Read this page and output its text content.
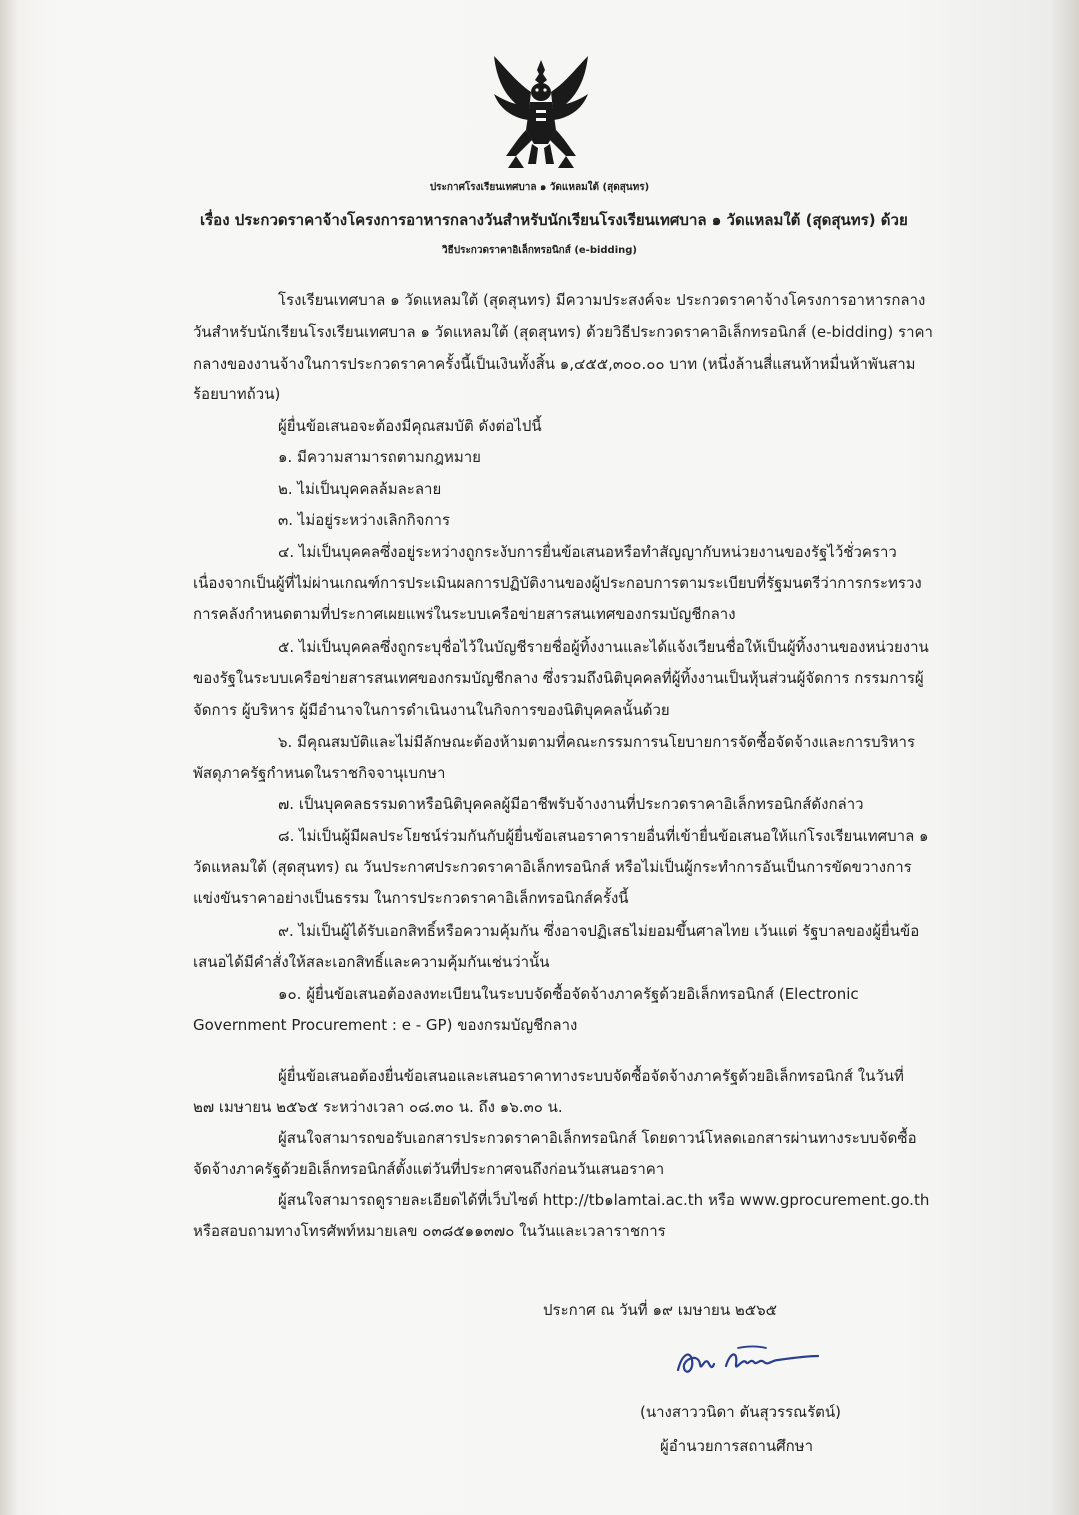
ประกาศโรงเรียนเทศบาล ๑ วัดแหลมใต้ (สุดสุนทร)
เรื่อง ประกวดราคาจ้างโครงการอาหารกลางวันสำหรับนักเรียนโรงเรียนเทศบาล ๑ วัดแหลมใต้ (สุดสุนทร) ด้วย
วิธีประกวดราคาอิเล็กทรอนิกส์ (e-bidding)
โรงเรียนเทศบาล ๑ วัดแหลมใต้ (สุดสุนทร) มีความประสงค์จะ ประกวดราคาจ้างโครงการอาหารกลาง
วันสำหรับนักเรียนโรงเรียนเทศบาล ๑ วัดแหลมใต้ (สุดสุนทร) ด้วยวิธีประกวดราคาอิเล็กทรอนิกส์ (e-bidding) ราคา
กลางของงานจ้างในการประกวดราคาครั้งนี้เป็นเงินทั้งสิ้น ๑,๔๕๕,๓๐๐.๐๐ บาท (หนึ่งล้านสี่แสนห้าหมื่นห้าพันสาม
ร้อยบาทถ้วน)
ผู้ยื่นข้อเสนอจะต้องมีคุณสมบัติ ดังต่อไปนี้
๑. มีความสามารถตามกฎหมาย
๒. ไม่เป็นบุคคลล้มละลาย
๓. ไม่อยู่ระหว่างเลิกกิจการ
๔. ไม่เป็นบุคคลซึ่งอยู่ระหว่างถูกระงับการยื่นข้อเสนอหรือทำสัญญากับหน่วยงานของรัฐไว้ชั่วคราว
เนื่องจากเป็นผู้ที่ไม่ผ่านเกณฑ์การประเมินผลการปฏิบัติงานของผู้ประกอบการตามระเบียบที่รัฐมนตรีว่าการกระทรวง
การคลังกำหนดตามที่ประกาศเผยแพร่ในระบบเครือข่ายสารสนเทศของกรมบัญชีกลาง
๕. ไม่เป็นบุคคลซึ่งถูกระบุชื่อไว้ในบัญชีรายชื่อผู้ทิ้งงานและได้แจ้งเวียนชื่อให้เป็นผู้ทิ้งงานของหน่วยงาน
ของรัฐในระบบเครือข่ายสารสนเทศของกรมบัญชีกลาง ซึ่งรวมถึงนิติบุคคลที่ผู้ทิ้งงานเป็นหุ้นส่วนผู้จัดการ กรรมการผู้
จัดการ ผู้บริหาร ผู้มีอำนาจในการดำเนินงานในกิจการของนิติบุคคลนั้นด้วย
๖. มีคุณสมบัติและไม่มีลักษณะต้องห้ามตามที่คณะกรรมการนโยบายการจัดซื้อจัดจ้างและการบริหาร
พัสดุภาครัฐกำหนดในราชกิจจานุเบกษา
๗. เป็นบุคคลธรรมดาหรือนิติบุคคลผู้มีอาชีพรับจ้างงานที่ประกวดราคาอิเล็กทรอนิกส์ดังกล่าว
๘. ไม่เป็นผู้มีผลประโยชน์ร่วมกันกับผู้ยื่นข้อเสนอราคารายอื่นที่เข้ายื่นข้อเสนอให้แก่โรงเรียนเทศบาล ๑
วัดแหลมใต้ (สุดสุนทร) ณ วันประกาศประกวดราคาอิเล็กทรอนิกส์ หรือไม่เป็นผู้กระทำการอันเป็นการขัดขวางการ
แข่งขันราคาอย่างเป็นธรรม ในการประกวดราคาอิเล็กทรอนิกส์ครั้งนี้
๙. ไม่เป็นผู้ได้รับเอกสิทธิ์หรือความคุ้มกัน ซึ่งอาจปฏิเสธไม่ยอมขึ้นศาลไทย เว้นแต่ รัฐบาลของผู้ยื่นข้อ
เสนอได้มีคำสั่งให้สละเอกสิทธิ์และความคุ้มกันเช่นว่านั้น
๑๐. ผู้ยื่นข้อเสนอต้องลงทะเบียนในระบบจัดซื้อจัดจ้างภาครัฐด้วยอิเล็กทรอนิกส์ (Electronic
Government Procurement : e - GP) ของกรมบัญชีกลาง
ผู้ยื่นข้อเสนอต้องยื่นข้อเสนอและเสนอราคาทางระบบจัดซื้อจัดจ้างภาครัฐด้วยอิเล็กทรอนิกส์ ในวันที่
๒๗ เมษายน ๒๕๖๕ ระหว่างเวลา ๐๘.๓๐ น. ถึง ๑๖.๓๐ น.
ผู้สนใจสามารถขอรับเอกสารประกวดราคาอิเล็กทรอนิกส์ โดยดาวน์โหลดเอกสารผ่านทางระบบจัดซื้อ
จัดจ้างภาครัฐด้วยอิเล็กทรอนิกส์ตั้งแต่วันที่ประกาศจนถึงก่อนวันเสนอราคา
ผู้สนใจสามารถดูรายละเอียดได้ที่เว็บไซต์ http://tb๑lamtai.ac.th หรือ www.gprocurement.go.th
หรือสอบถามทางโทรศัพท์หมายเลข ๐๓๘๕๑๑๓๗๐ ในวันและเวลาราชการ
ประกาศ ณ วันที่ ๑๙ เมษายน ๒๕๖๕
(นางสาววนิดา ตันสุวรรณรัตน์)
ผู้อำนวยการสถานศึกษา
